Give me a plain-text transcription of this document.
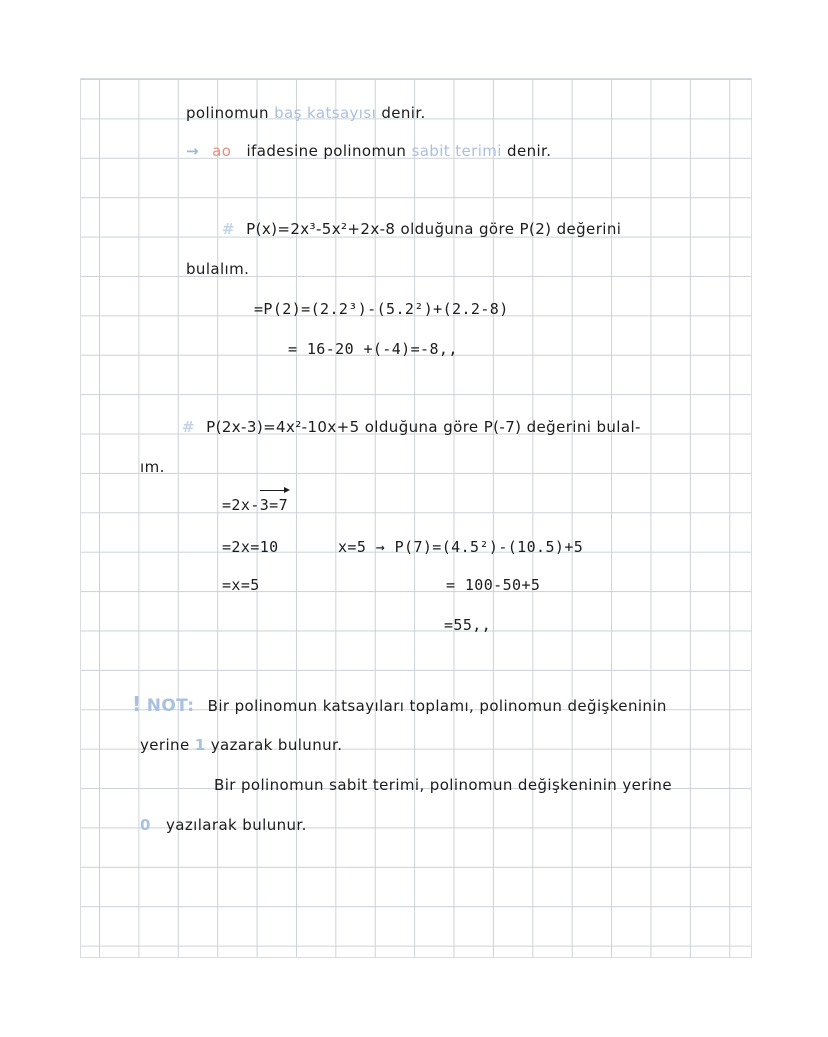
polinomun baş katsayısı denir.
→ ao ifadesine polinomun sabit terimi denir.
# P(x)=2x³-5x²+2x-8 olduğuna göre P(2) değerini
bulalım.
=P(2)=(2.2³)-(5.2²)+(2.2-8)
= 16-20 +(-4)=-8,,
# P(2x-3)=4x²-10x+5 olduğuna göre P(-7) değerini bulal-
ım.
=2x-3=7
=2x=10
=x=5
x=5 → P(7)=(4.5²)-(10.5)+5
= 100-50+5
=55,,
! NOT: Bir polinomun katsayıları toplamı, polinomun değişkeninin
yerine 1 yazarak bulunur.
Bir polinomun sabit terimi, polinomun değişkeninin yerine
0 yazılarak bulunur.
